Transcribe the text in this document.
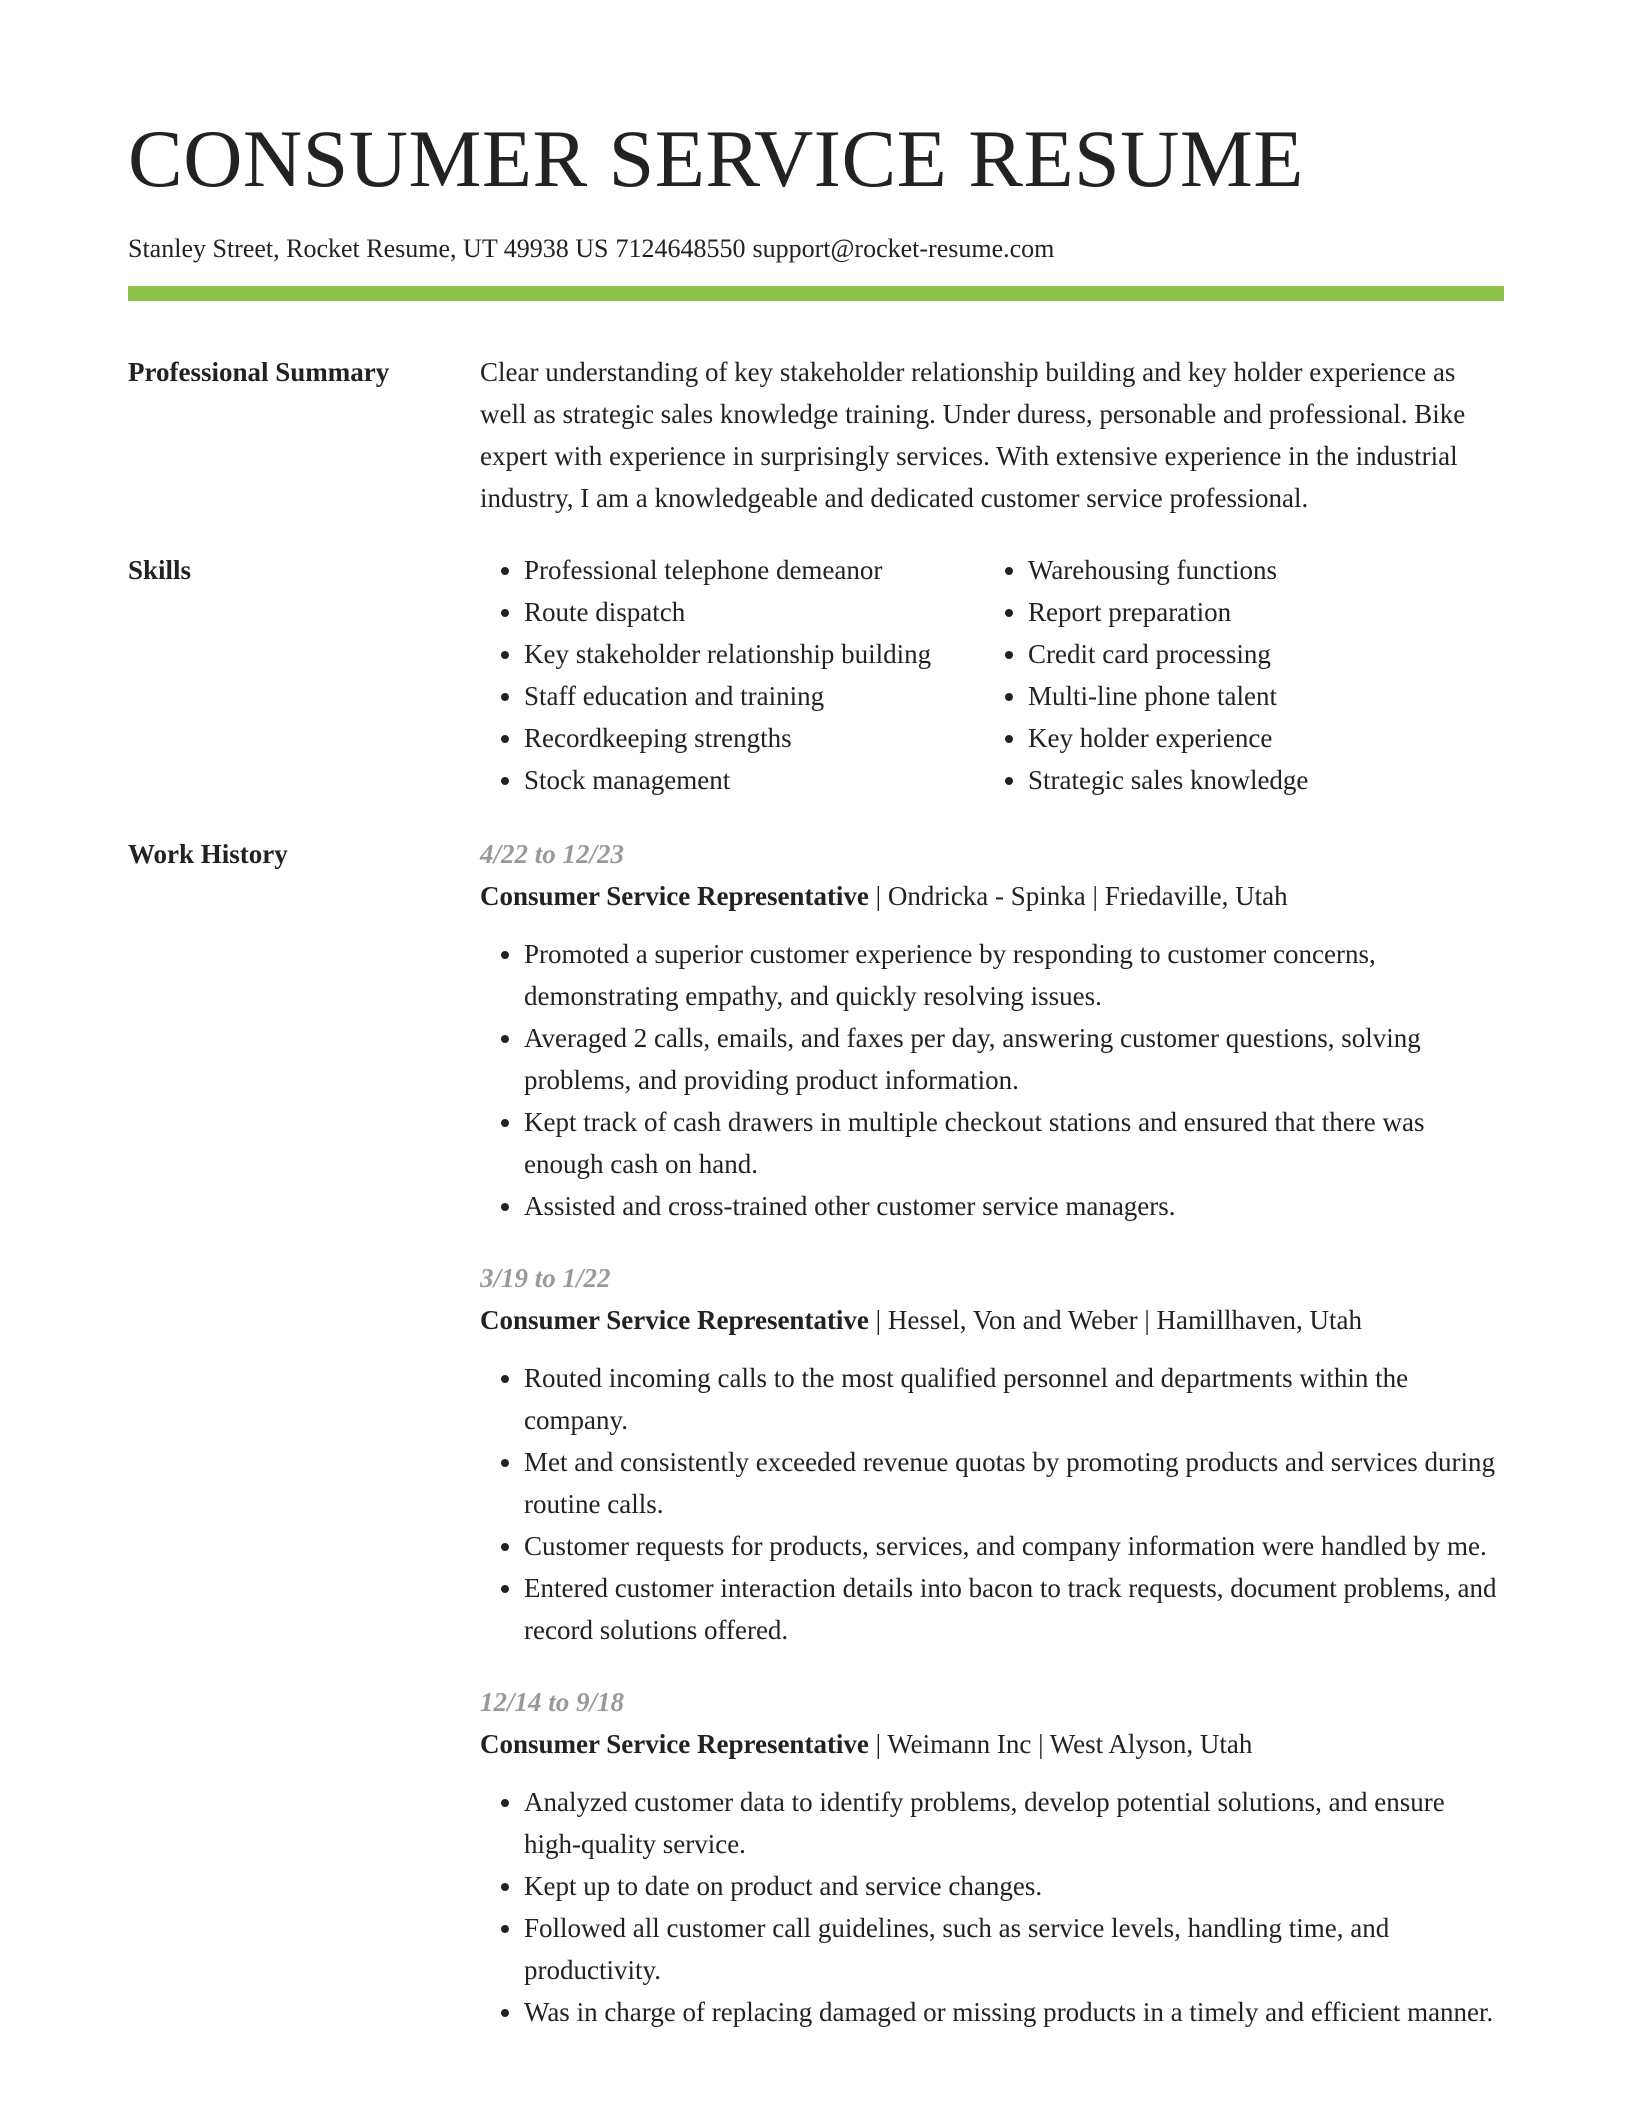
CONSUMER SERVICE RESUME
Stanley Street, Rocket Resume, UT 49938 US 7124648550 support@rocket-resume.com
Professional Summary	Clear understanding of key stakeholder relationship building and key holder experience as well as strategic sales knowledge training. Under duress, personable and professional. Bike expert with experience in surprisingly services. With extensive experience in the industrial industry, I am a knowledgeable and dedicated customer service professional.

Skills
•	Professional telephone demeanor
• Route dispatch
• Key stakeholder relationship building
• Staff education and training
• Recordkeeping strengths
• Stock management
• Warehousing functions
• Report preparation
• Credit card processing
• Multi-line phone talent
• Key holder experience
• Strategic sales knowledge
Work History	4/22 to 12/23
Consumer Service Representative | Ondricka - Spinka | Friedaville, Utah
• Promoted a superior customer experience by responding to customer concerns, demonstrating empathy, and quickly resolving issues.
• Averaged 2 calls, emails, and faxes per day, answering customer questions, solving problems, and providing product information.
• Kept track of cash drawers in multiple checkout stations and ensured that there was enough cash on hand.
• Assisted and cross-trained other customer service managers.
3/19 to 1/22
Consumer Service Representative | Hessel, Von and Weber | Hamillhaven, Utah
• Routed incoming calls to the most qualified personnel and departments within the company.
• Met and consistently exceeded revenue quotas by promoting products and services during routine calls.
• Customer requests for products, services, and company information were handled by me.
• Entered customer interaction details into bacon to track requests, document problems, and record solutions offered.
12/14 to 9/18
Consumer Service Representative | Weimann Inc | West Alyson, Utah
• Analyzed customer data to identify problems, develop potential solutions, and ensure high-quality service.
• Kept up to date on product and service changes.
• Followed all customer call guidelines, such as service levels, handling time, and productivity.
• Was in charge of replacing damaged or missing products in a timely and efficient manner.
